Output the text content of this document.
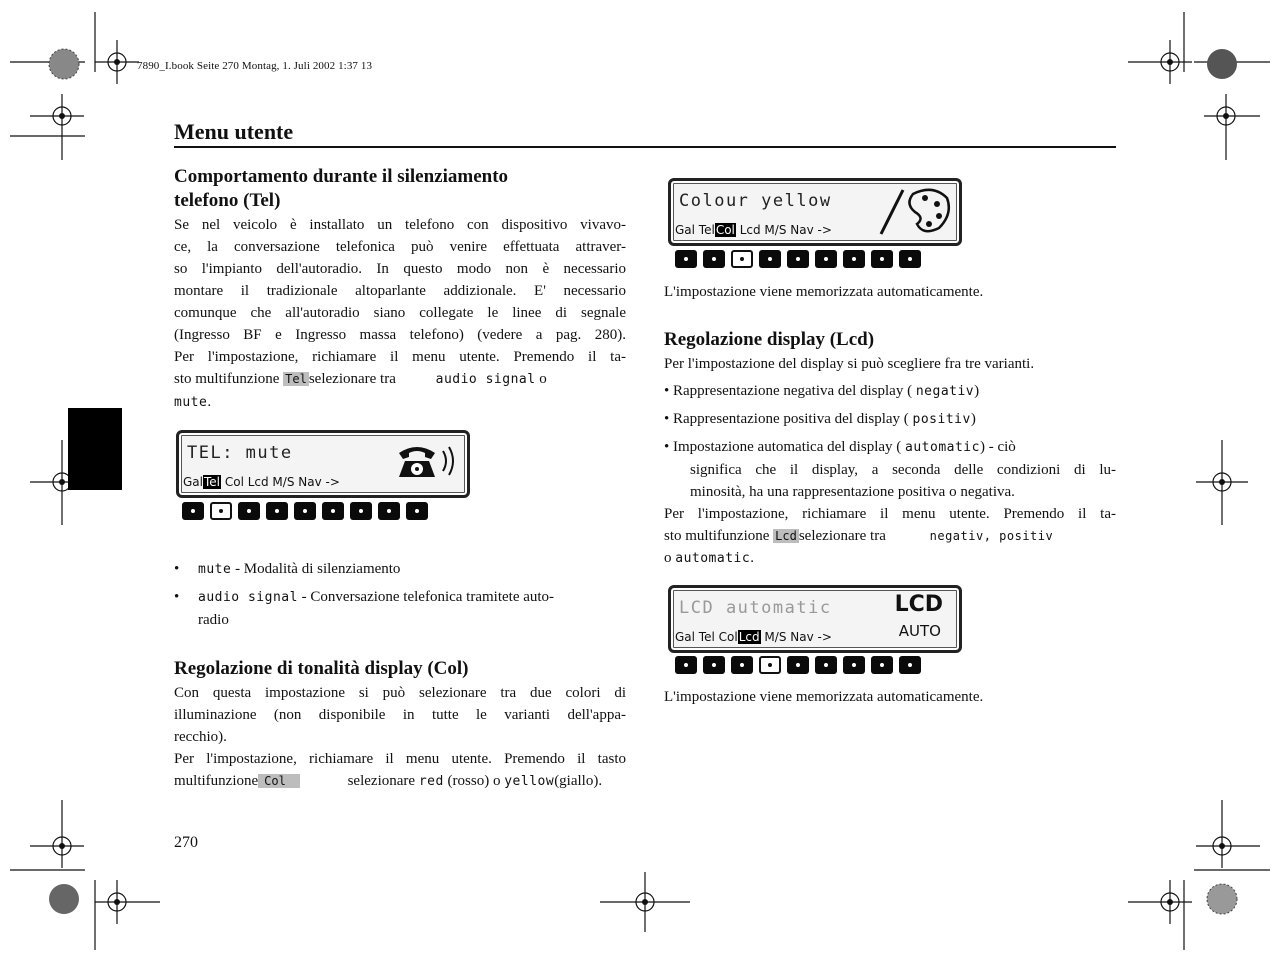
7890_I.book Seite 270 Montag, 1. Juli 2002 1:37 13
Menu utente
Comportamento durante il silenziamento
telefono (Tel)
Se nel veicolo è installato un telefono con dispositivo vivavo-
ce, la conversazione telefonica può venire effettuata attraver-
so l'impianto dell'autoradio. In questo modo non è necessario
montare il tradizionale altoparlante addizionale. E' necessario
comunque che all'autoradio siano collegate le linee di segnale
(Ingresso BF e Ingresso massa telefono) (vedere a pag. 280).
Per l'impostazione, richiamare il menu utente. Premendo il ta-
sto multifunzione Tel selezionare tra	audio signal o
mute.
TEL: mute
GalTel Col Lcd M/S Nav ->
• mute - Modalità di silenziamento
• audio signal - Conversazione telefonica tramitete auto-
radio
Regolazione di tonalità display (Col)
Con questa impostazione si può selezionare tra due colori di
illuminazione (non disponibile in tutte le varianti dell'appa-
recchio).
Per l'impostazione, richiamare il menu utente. Premendo il tasto
multifunzione Col	selezionare red (rosso) o yellow(giallo).
Colour yellow
Gal TelCol Lcd M/S Nav ->
L'impostazione viene memorizzata automaticamente.
Regolazione display (Lcd)
Per l'impostazione del display si può scegliere fra tre varianti.
• Rappresentazione negativa del display ( negativ)
• Rappresentazione positiva del display ( positiv)
• Impostazione automatica del display ( automatic) - ciò
significa che il display, a seconda delle condizioni di lu-
minosità, ha una rappresentazione positiva o negativa.
Per l'impostazione, richiamare il menu utente. Premendo il ta-
sto multifunzione Lcd selezionare tra	negativ, positiv
o automatic.
LCD automatic	LCD
AUTO
Gal Tel ColLcd M/S Nav ->
L'impostazione viene memorizzata automaticamente.
270
